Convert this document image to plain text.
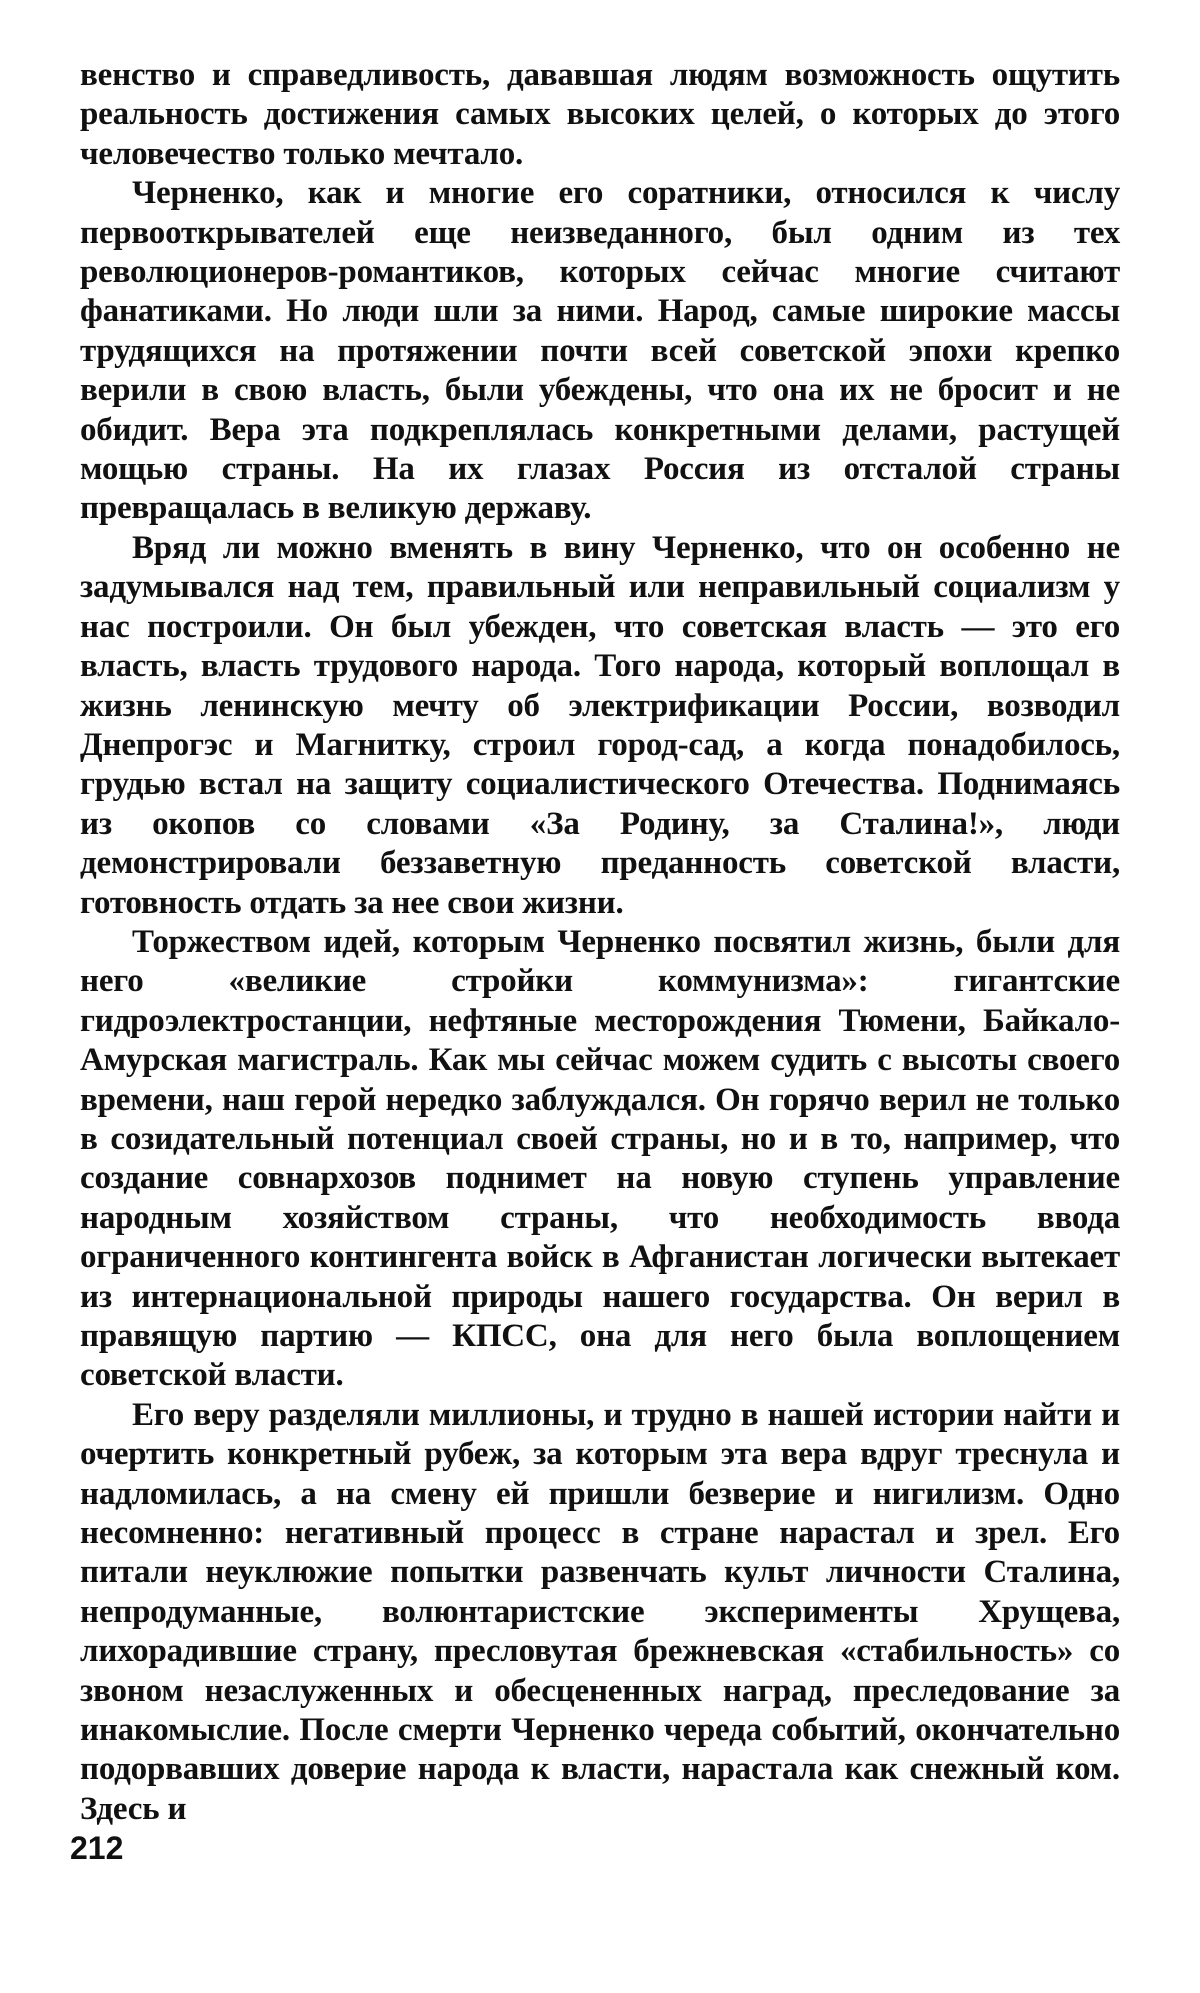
венство и справедливость, дававшая людям возможность ощутить реальность достижения самых высоких целей, о которых до этого человечество только мечтало.

Черненко, как и многие его соратники, относился к числу первооткрывателей еще неизведанного, был одним из тех революционеров-романтиков, которых сейчас многие считают фанатиками. Но люди шли за ними. Народ, самые широкие массы трудящихся на протяжении почти всей советской эпохи крепко верили в свою власть, были убеждены, что она их не бросит и не обидит. Вера эта подкреплялась конкретными делами, растущей мощью страны. На их глазах Россия из отсталой страны превращалась в великую державу.

Вряд ли можно вменять в вину Черненко, что он особенно не задумывался над тем, правильный или неправильный социализм у нас построили. Он был убежден, что советская власть — это его власть, власть трудового народа. Того народа, который воплощал в жизнь ленинскую мечту об электрификации России, возводил Днепрогэс и Магнитку, строил город-сад, а когда понадобилось, грудью встал на защиту социалистического Отечества. Поднимаясь из окопов со словами «За Родину, за Сталина!», люди демонстрировали беззаветную преданность советской власти, готовность отдать за нее свои жизни.

Торжеством идей, которым Черненко посвятил жизнь, были для него «великие стройки коммунизма»: гигантские гидроэлектростанции, нефтяные месторождения Тюмени, Байкало-Амурская магистраль. Как мы сейчас можем судить с высоты своего времени, наш герой нередко заблуждался. Он горячо верил не только в созидательный потенциал своей страны, но и в то, например, что создание совнархозов поднимет на новую ступень управление народным хозяйством страны, что необходимость ввода ограниченного контингента войск в Афганистан логически вытекает из интернациональной природы нашего государства. Он верил в правящую партию — КПСС, она для него была воплощением советской власти.

Его веру разделяли миллионы, и трудно в нашей истории найти и очертить конкретный рубеж, за которым эта вера вдруг треснула и надломилась, а на смену ей пришли безверие и нигилизм. Одно несомненно: негативный процесс в стране нарастал и зрел. Его питали неуклюжие попытки развенчать культ личности Сталина, непродуманные, волюнтаристские эксперименты Хрущева, лихорадившие страну, пресловутая брежневская «стабильность» со звоном незаслуженных и обесцененных наград, преследование за инакомыслие. После смерти Черненко череда событий, окончательно подорвавших доверие народа к власти, нарастала как снежный ком. Здесь и

212
